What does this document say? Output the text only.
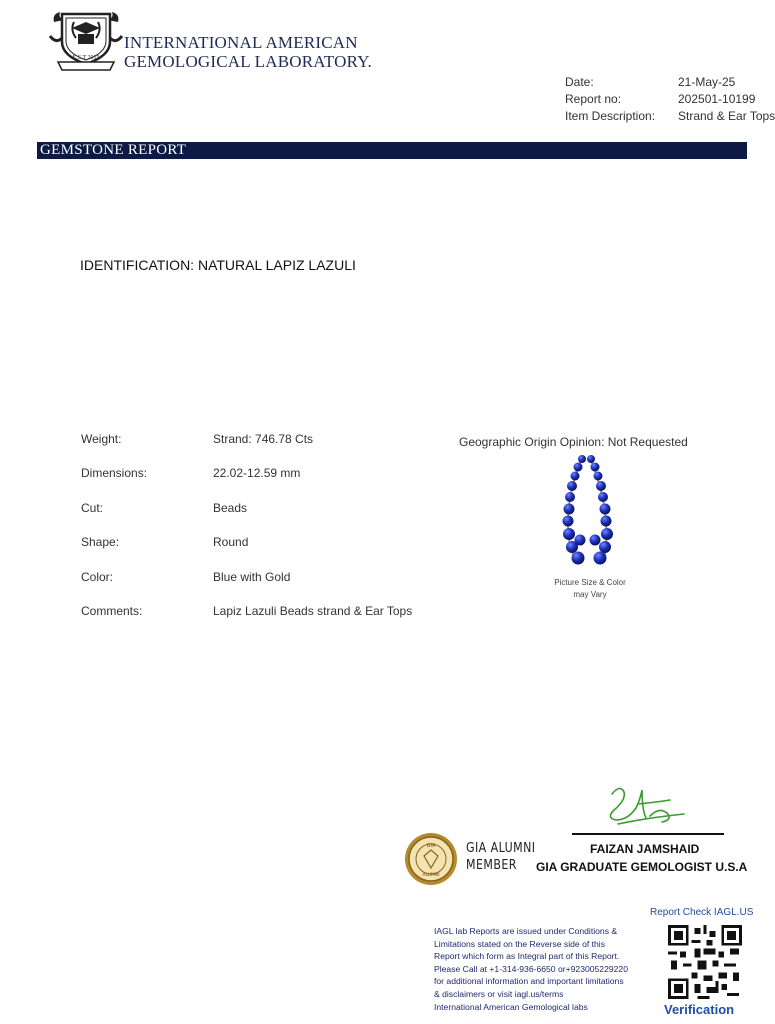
E.S.T 2015
INTERNATIONAL AMERICAN
GEMOLOGICAL LABORATORY.
Date:	21-May-25
Report no:	202501-10199
Item Description:	Strand & Ear Tops
GEMSTONE REPORT
IDENTIFICATION: NATURAL LAPIZ LAZULI
Weight:	Strand: 746.78 Cts
Dimensions:	22.02-12.59 mm
Cut:	Beads
Shape:	Round
Color:	Blue with Gold
Comments:	Lapiz Lazuli Beads strand & Ear Tops
Geographic Origin Opinion: Not Requested
Picture Size & Color
may Vary
FAIZAN JAMSHAID
GIA GRADUATE GEMOLOGIST U.S.A
GIA
ALUMNI
GIA ALUMNI
MEMBER
IAGL lab Reports are issued under Conditions &
Limitations stated on the Reverse side of this
Report which form as Integral part of this Report.
Please Call at +1-314-936-6650 or+923005229220
for additional information and important limitations
& disclaimers or visit iagl.us/terms
International American Gemological labs
Report Check IAGL.US
Verification
